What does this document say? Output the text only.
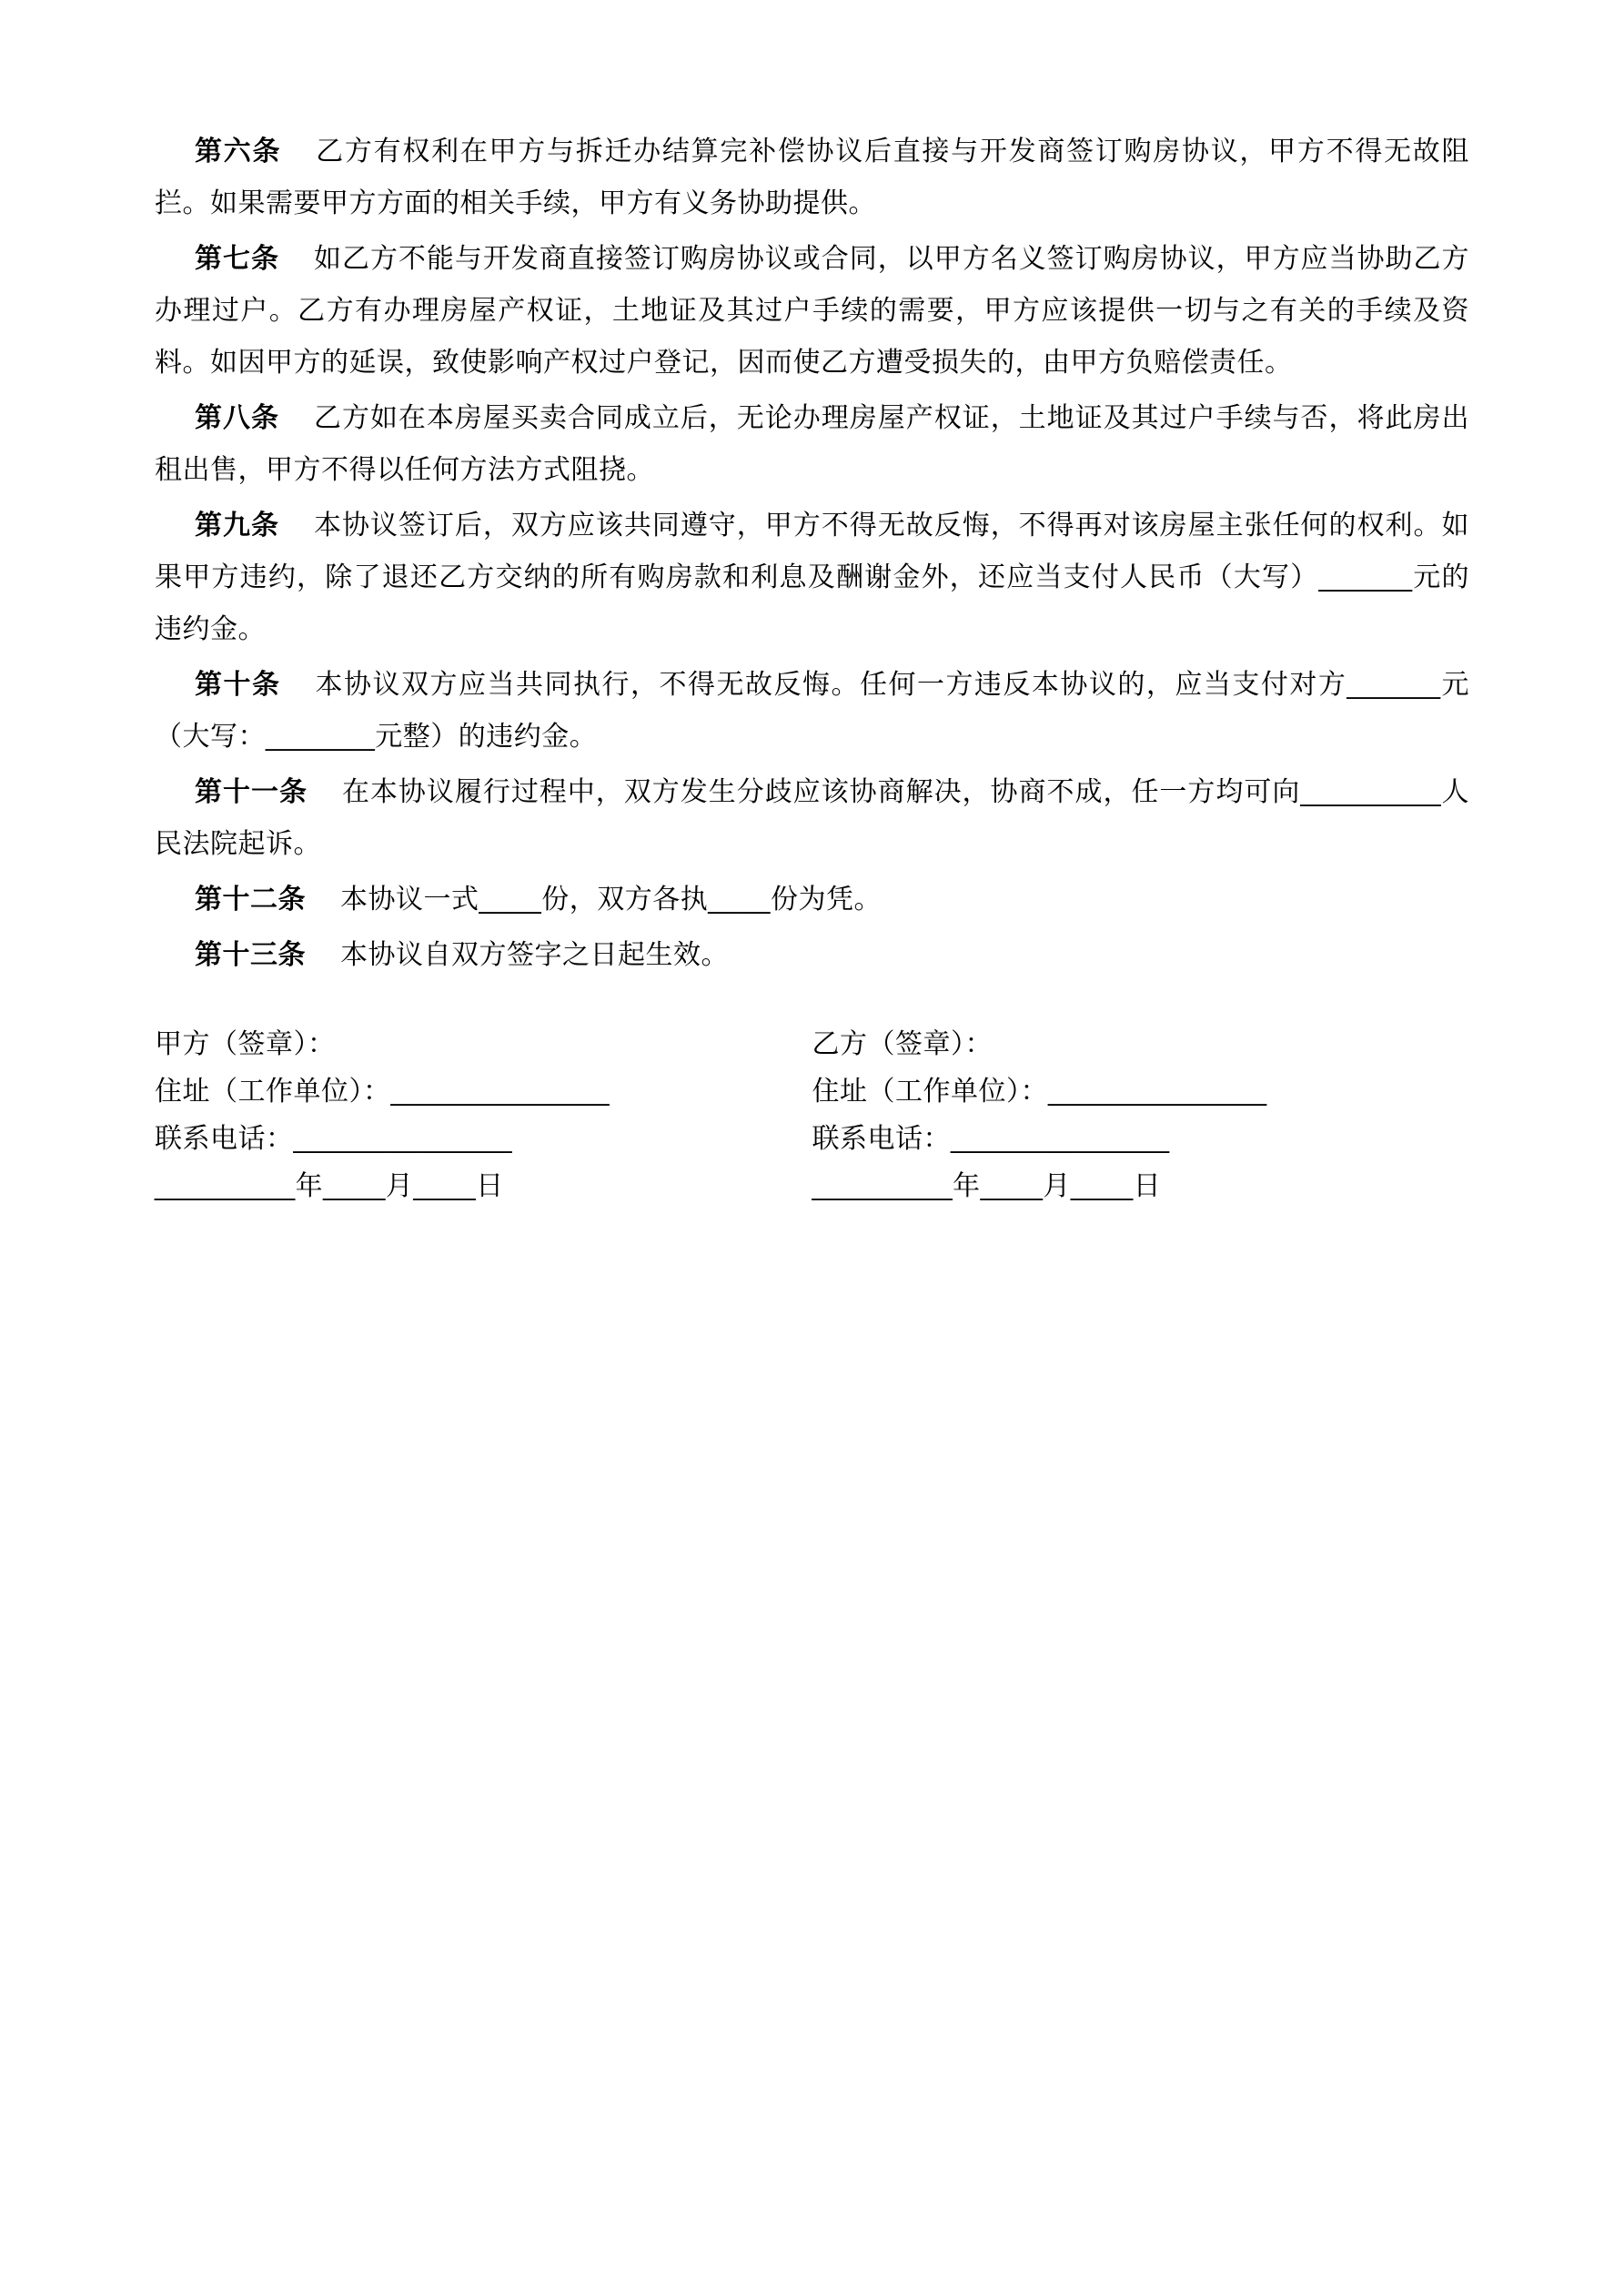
第六条 乙方有权利在甲方与拆迁办结算完补偿协议后直接与开发商签订购房协议，甲方不得无故阻拦。如果需要甲方方面的相关手续，甲方有义务协助提供。

第七条 如乙方不能与开发商直接签订购房协议或合同，以甲方名义签订购房协议，甲方应当协助乙方办理过户。乙方有办理房屋产权证，土地证及其过户手续的需要，甲方应该提供一切与之有关的手续及资料。如因甲方的延误，致使影响产权过户登记，因而使乙方遭受损失的，由甲方负赔偿责任。

第八条 乙方如在本房屋买卖合同成立后，无论办理房屋产权证，土地证及其过户手续与否，将此房出租出售，甲方不得以任何方法方式阻挠。

第九条 本协议签订后，双方应该共同遵守，甲方不得无故反悔，不得再对该房屋主张任何的权利。如果甲方违约，除了退还乙方交纳的所有购房款和利息及酬谢金外，还应当支付人民币（大写）______元的违约金。

第十条 本协议双方应当共同执行，不得无故反悔。任何一方违反本协议的，应当支付对方______元（大写：_______元整）的违约金。

第十一条 在本协议履行过程中，双方发生分歧应该协商解决，协商不成，任一方均可向_________人民法院起诉。

第十二条 本协议一式____份，双方各执____份为凭。

第十三条 本协议自双方签字之日起生效。

甲方（签章）：

住址（工作单位）：______________

联系电话：______________

_________年____月____日

乙方（签章）：

住址（工作单位）：______________

联系电话：______________

_________年____月____日
